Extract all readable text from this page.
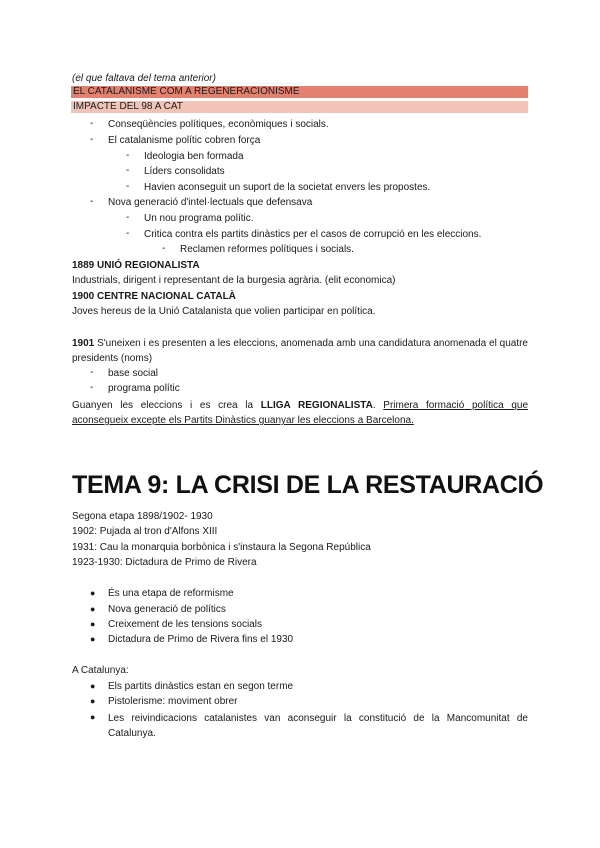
(el que faltava del tema anterior)
EL CATALANISME COM A REGENERACIONISME
IMPACTE DEL 98 A CAT
-	Conseqüències polítiques, econòmiques i socials.
-	El catalanisme polític cobren força
-	Ideologia ben formada
-	Líders consolidats
-	Havien aconseguit un suport de la societat envers les propostes.
-	Nova generació d'intel·lectuals que defensava
-	Un nou programa polític.
-	Critica contra els partits dinàstics per el casos de corrupció en les eleccions.
-	Reclamen reformes polítiques i socials.
1889 UNIÓ REGIONALISTA
Industrials, dirigent i representant de la burgesia agrària. (elit economica)
1900 CENTRE NACIONAL CATALÀ
Joves hereus de la Unió Catalanista que volien participar en política.
1901 S'uneixen i es presenten a les eleccions, anomenada amb una candidatura anomenada el quatre presidents (noms)
-	base social
-	programa polític
Guanyen les eleccions i es crea la LLIGA REGIONALISTA. Primera formació política que aconsegueix excepte els Partits Dinàstics guanyar les eleccions a Barcelona.
TEMA 9: LA CRISI DE LA RESTAURACIÓ
Segona etapa 1898/1902- 1930
1902: Pujada al tron d'Alfons XIII
1931: Cau la monarquia borbònica i s'instaura la Segona República
1923-1930: Dictadura de Primo de Rivera
● És una etapa de reformisme
● Nova generació de polítics
● Creixement de les tensions socials
● Dictadura de Primo de Rivera fins el 1930
A Catalunya:
● Els partits dinàstics estan en segon terme
● Pistolerisme: moviment obrer
● Les reivindicacions catalanistes van aconseguir la constitució de la Mancomunitat de Catalunya.
